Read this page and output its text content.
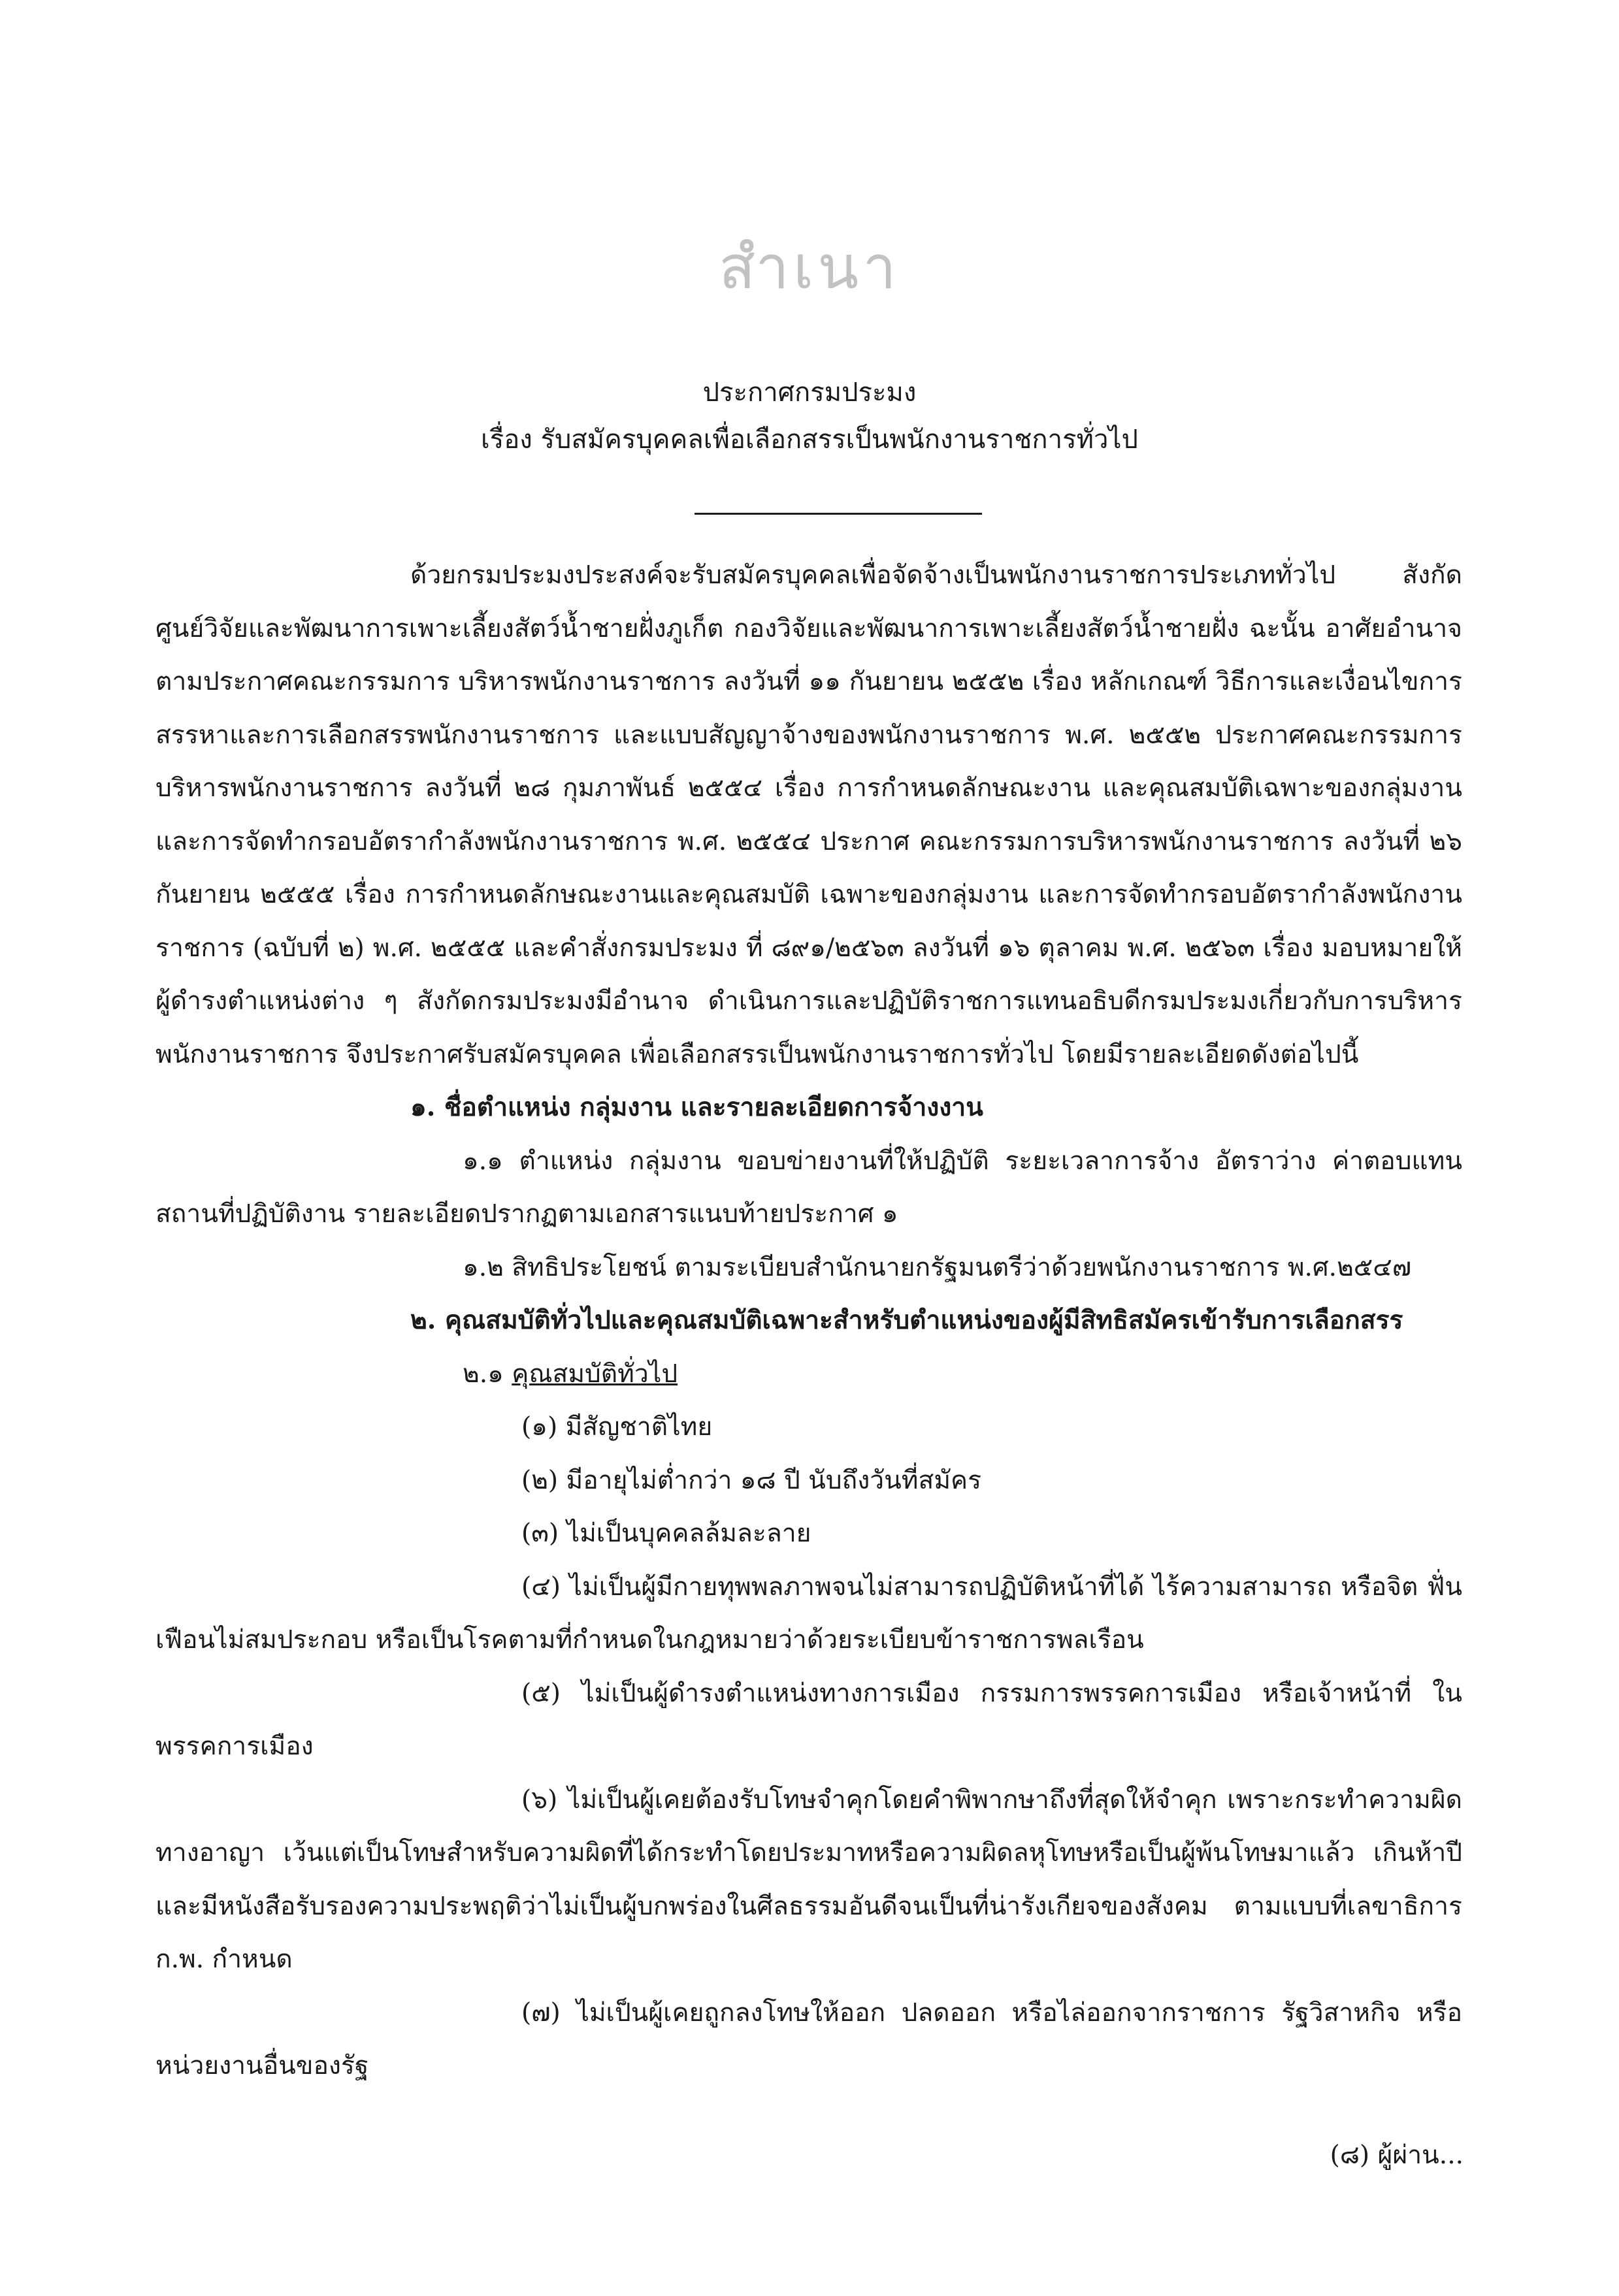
สำเนา
ประกาศกรมประมง
เรื่อง รับสมัครบุคคลเพื่อเลือกสรรเป็นพนักงานราชการทั่วไป

ด้วยกรมประมงประสงค์จะรับสมัครบุคคลเพื่อจัดจ้างเป็นพนักงานราชการประเภททั่วไป สังกัด ศูนย์วิจัยและพัฒนาการเพาะเลี้ยงสัตว์น้ำชายฝั่งภูเก็ต กองวิจัยและพัฒนาการเพาะเลี้ยงสัตว์น้ำชายฝั่ง ฉะนั้น อาศัยอำนาจตามประกาศคณะกรรมการ บริหารพนักงานราชการ ลงวันที่ ๑๑ กันยายน ๒๕๕๒ เรื่อง หลักเกณฑ์ วิธีการและเงื่อนไขการสรรหาและการเลือกสรรพนักงานราชการ และแบบสัญญาจ้างของพนักงานราชการ พ.ศ. ๒๕๕๒ ประกาศคณะกรรมการบริหารพนักงานราชการ ลงวันที่ ๒๘ กุมภาพันธ์ ๒๕๕๔ เรื่อง การกำหนดลักษณะงาน และคุณสมบัติเฉพาะของกลุ่มงานและการจัดทำกรอบอัตรากำลังพนักงานราชการ พ.ศ. ๒๕๕๔ ประกาศ คณะกรรมการบริหารพนักงานราชการ ลงวันที่ ๒๖ กันยายน ๒๕๕๕ เรื่อง การกำหนดลักษณะงานและคุณสมบัติ เฉพาะของกลุ่มงาน และการจัดทำกรอบอัตรากำลังพนักงานราชการ (ฉบับที่ ๒) พ.ศ. ๒๕๕๕ และคำสั่งกรมประมง ที่ ๘๙๑/๒๕๖๓ ลงวันที่ ๑๖ ตุลาคม พ.ศ. ๒๕๖๓ เรื่อง มอบหมายให้ผู้ดำรงตำแหน่งต่าง ๆ สังกัดกรมประมงมีอำนาจ ดำเนินการและปฏิบัติราชการแทนอธิบดีกรมประมงเกี่ยวกับการบริหารพนักงานราชการ จึงประกาศรับสมัครบุคคล เพื่อเลือกสรรเป็นพนักงานราชการทั่วไป โดยมีรายละเอียดดังต่อไปนี้

๑. ชื่อตำแหน่ง กลุ่มงาน และรายละเอียดการจ้างงาน

๑.๑ ตำแหน่ง กลุ่มงาน ขอบข่ายงานที่ให้ปฏิบัติ ระยะเวลาการจ้าง อัตราว่าง ค่าตอบแทน สถานที่ปฏิบัติงาน รายละเอียดปรากฏตามเอกสารแนบท้ายประกาศ ๑

๑.๒ สิทธิประโยชน์ ตามระเบียบสำนักนายกรัฐมนตรีว่าด้วยพนักงานราชการ พ.ศ.๒๕๔๗

๒. คุณสมบัติทั่วไปและคุณสมบัติเฉพาะสำหรับตำแหน่งของผู้มีสิทธิสมัครเข้ารับการเลือกสรร

๒.๑ คุณสมบัติทั่วไป

(๑) มีสัญชาติไทย

(๒) มีอายุไม่ต่ำกว่า ๑๘ ปี นับถึงวันที่สมัคร

(๓) ไม่เป็นบุคคลล้มละลาย

(๔) ไม่เป็นผู้มีกายทุพพลภาพจนไม่สามารถปฏิบัติหน้าที่ได้ ไร้ความสามารถ หรือจิต ฟั่นเฟือนไม่สมประกอบ หรือเป็นโรคตามที่กำหนดในกฎหมายว่าด้วยระเบียบข้าราชการพลเรือน

(๕) ไม่เป็นผู้ดำรงตำแหน่งทางการเมือง กรรมการพรรคการเมือง หรือเจ้าหน้าที่ ในพรรคการเมือง

(๖) ไม่เป็นผู้เคยต้องรับโทษจำคุกโดยคำพิพากษาถึงที่สุดให้จำคุก เพราะกระทำความผิด ทางอาญา เว้นแต่เป็นโทษสำหรับความผิดที่ได้กระทำโดยประมาทหรือความผิดลหุโทษหรือเป็นผู้พ้นโทษมาแล้ว เกินห้าปีและมีหนังสือรับรองความประพฤติว่าไม่เป็นผู้บกพร่องในศีลธรรมอันดีจนเป็นที่น่ารังเกียจของสังคม ตามแบบที่เลขาธิการ ก.พ. กำหนด

(๗) ไม่เป็นผู้เคยถูกลงโทษให้ออก ปลดออก หรือไล่ออกจากราชการ รัฐวิสาหกิจ หรือ หน่วยงานอื่นของรัฐ

(๘) ผู้ผ่าน...
